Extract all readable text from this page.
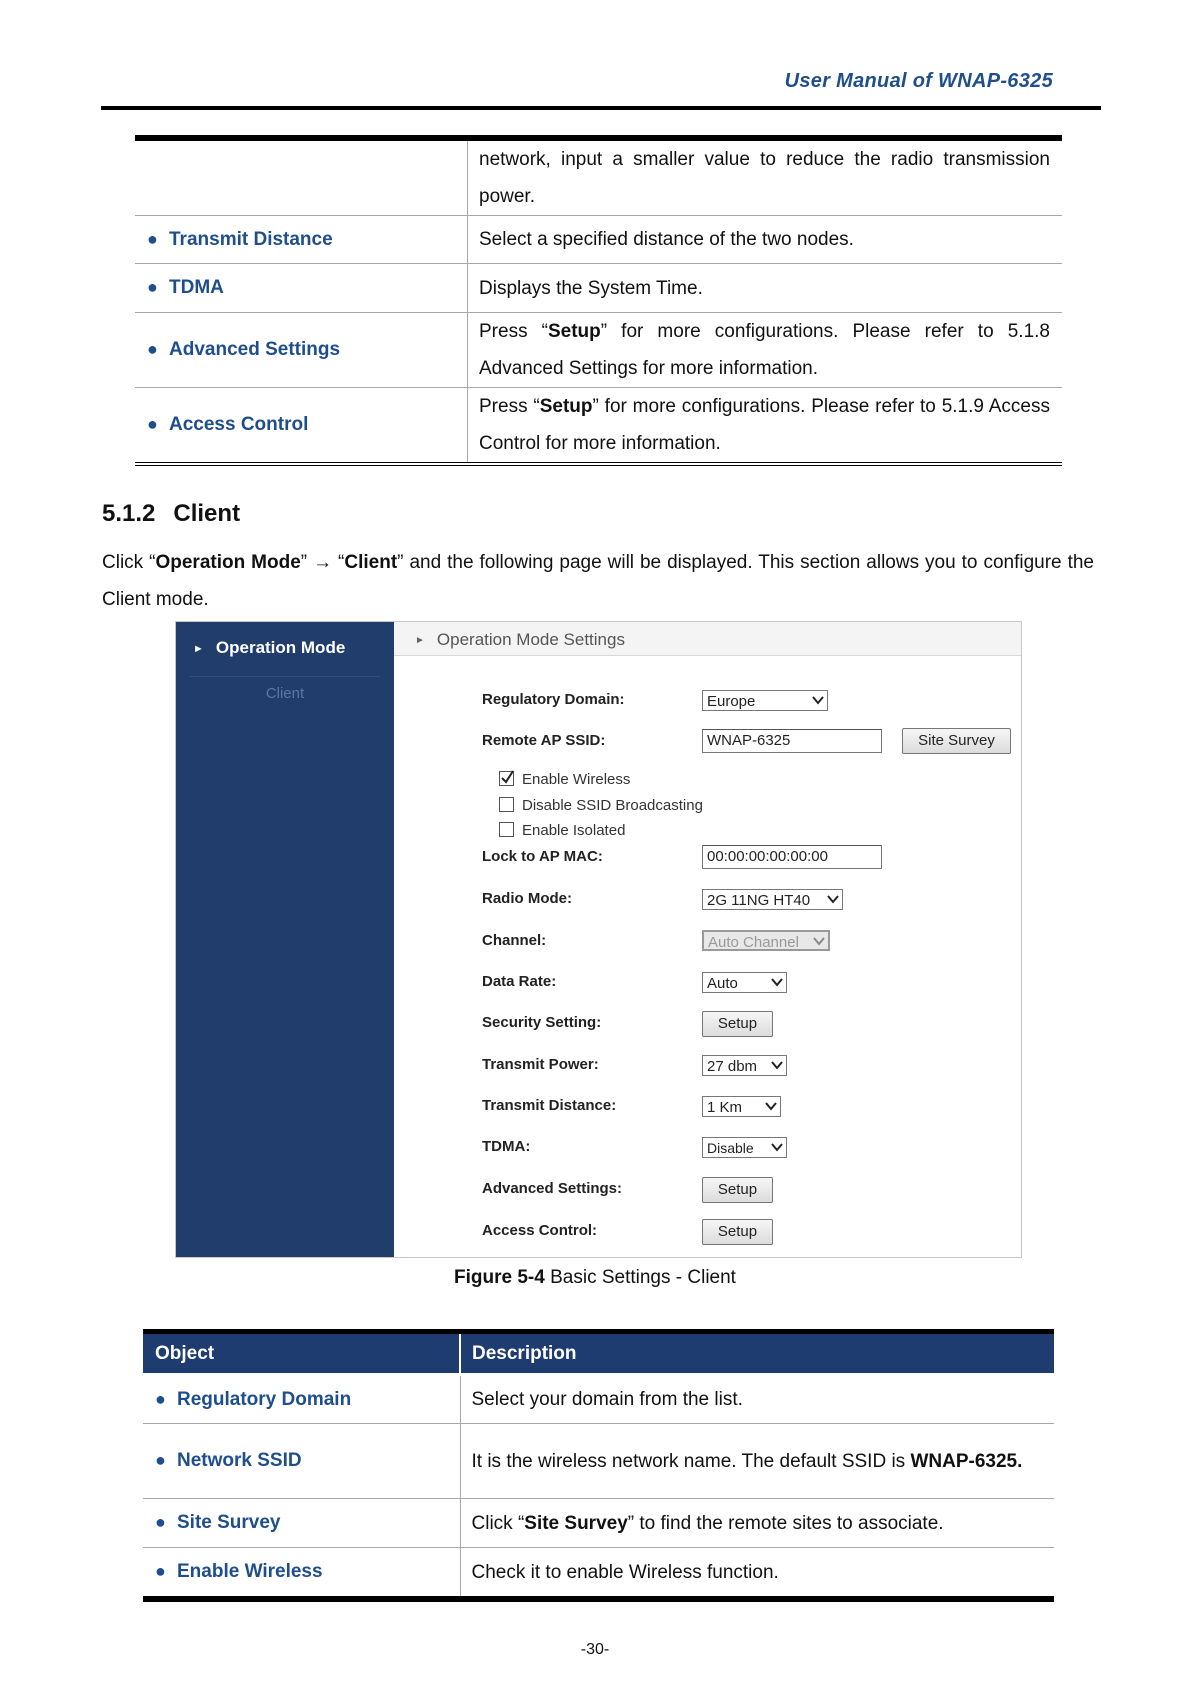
User Manual of WNAP-6325
	network, input a smaller value to reduce the radio transmission power.
● Transmit Distance	Select a specified distance of the two nodes.
● TDMA	Displays the System Time.
● Advanced Settings	Press “Setup” for more configurations. Please refer to 5.1.8 Advanced Settings for more information.
● Access Control	Press “Setup” for more configurations. Please refer to 5.1.9 Access Control for more information.
5.1.2 Client
Click “Operation Mode” → “Client” and the following page will be displayed. This section allows you to configure the Client mode.
► Operation Mode
Client
► Operation Mode Settings
Regulatory Domain:	Europe
Remote AP SSID:	WNAP-6325	Site Survey
Enable Wireless
Disable SSID Broadcasting
Enable Isolated
Lock to AP MAC:	00:00:00:00:00:00
Radio Mode:	2G 11NG HT40
Channel:	Auto Channel
Data Rate:	Auto
Security Setting:	Setup
Transmit Power:	27 dbm
Transmit Distance:	1 Km
TDMA:	Disable
Advanced Settings:	Setup
Access Control:	Setup
Figure 5-4 Basic Settings - Client
Object	Description
● Regulatory Domain	Select your domain from the list.
● Network SSID	It is the wireless network name. The default SSID is WNAP-6325.
● Site Survey	Click “Site Survey” to find the remote sites to associate.
● Enable Wireless	Check it to enable Wireless function.
-30-
